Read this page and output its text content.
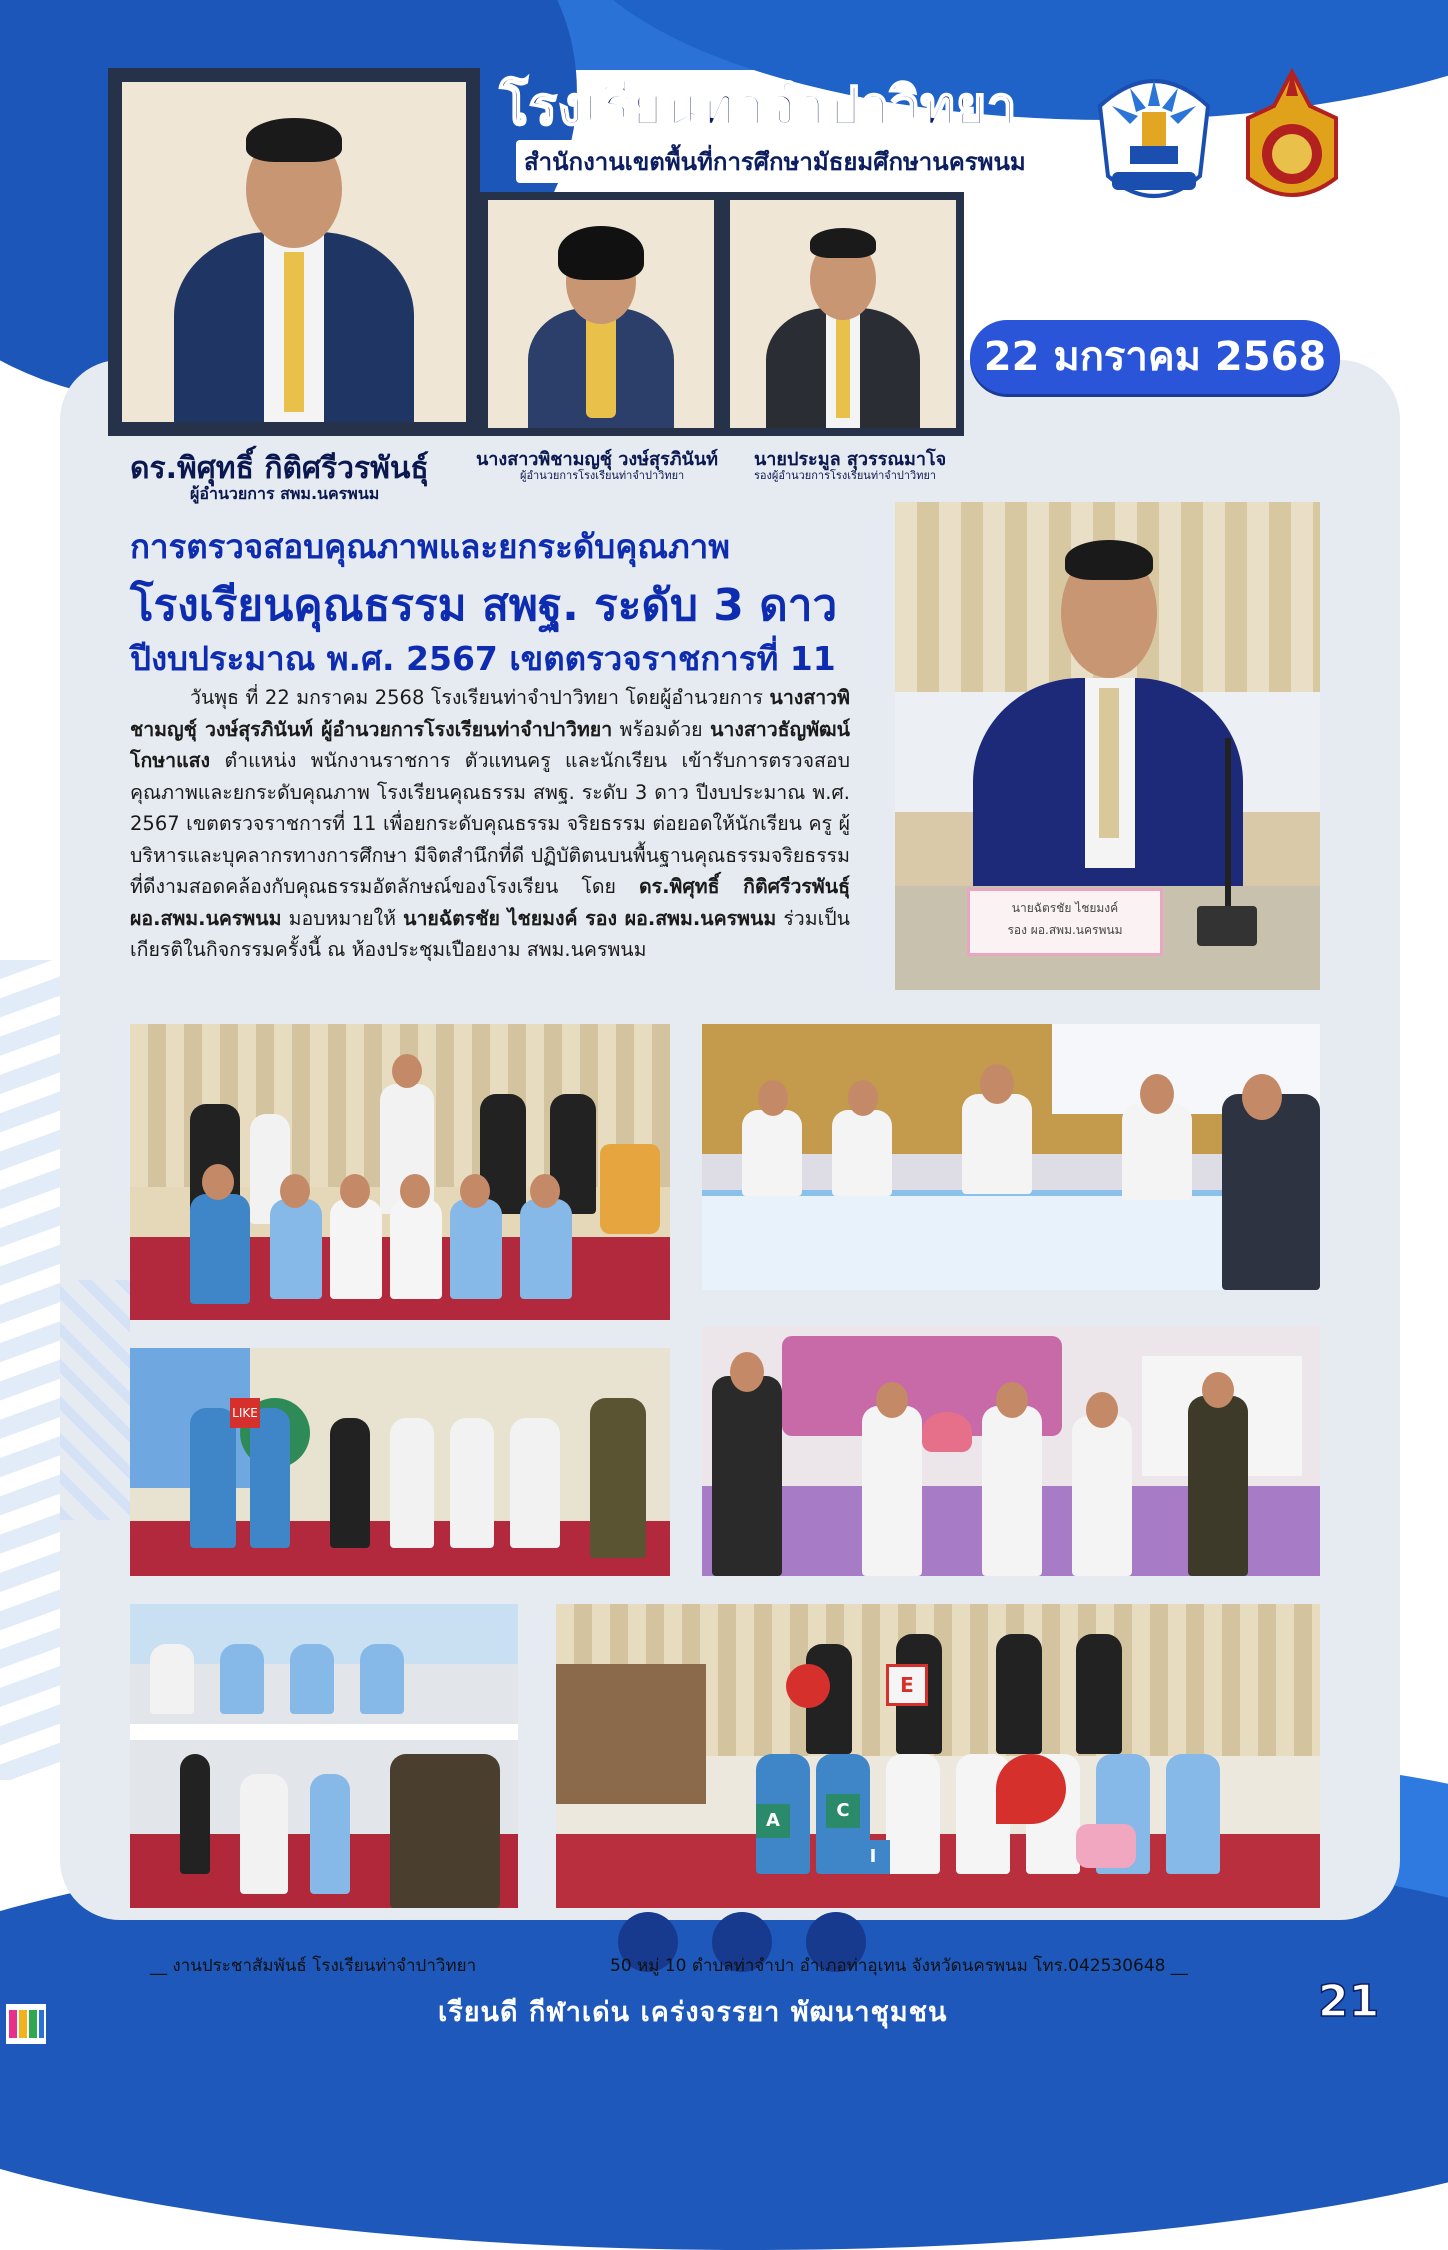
โรงเรียนท่าจำปาวิทยา
สำนักงานเขตพื้นที่การศึกษามัธยมศึกษานครพนม
ดร.พิศุทธิ์ กิติศรีวรพันธุ์
ผู้อำนวยการ สพม.นครพนม
นางสาวพิชามญชุ์ วงษ์สุรภินันท์
ผู้อำนวยการโรงเรียนท่าจำปาวิทยา
นายประมูล สุวรรณมาโจ
รองผู้อำนวยการโรงเรียนท่าจำปาวิทยา
22 มกราคม 2568
การตรวจสอบคุณภาพและยกระดับคุณภาพ
โรงเรียนคุณธรรม สพฐ. ระดับ 3 ดาว
ปีงบประมาณ พ.ศ. 2567 เขตตรวจราชการที่ 11
วันพุธ ที่ 22 มกราคม 2568 โรงเรียนท่าจำปาวิทยา โดยผู้อำนวยการ นางสาวพิชามญชุ์ วงษ์สุรภินันท์ ผู้อำนวยการโรงเรียนท่าจำปาวิทยา พร้อมด้วย นางสาวธัญพัฒน์ โกษาแสง ตำแหน่ง พนักงานราชการ ตัวแทนครู และนักเรียน เข้ารับการตรวจสอบคุณภาพและยกระดับคุณภาพ โรงเรียนคุณธรรม สพฐ. ระดับ 3 ดาว ปีงบประมาณ พ.ศ. 2567 เขตตรวจราชการที่ 11 เพื่อยกระดับคุณธรรม จริยธรรม ต่อยอดให้นักเรียน ครู ผู้บริหารและบุคลากรทางการศึกษา มีจิตสำนึกที่ดี ปฏิบัติตนบนพื้นฐานคุณธรรมจริยธรรมที่ดีงามสอดคล้องกับคุณธรรมอัตลักษณ์ของโรงเรียน โดย ดร.พิศุทธิ์ กิติศรีวรพันธุ์ ผอ.สพม.นครพนม มอบหมายให้ นายฉัตรชัย ไชยมงค์ รอง ผอ.สพม.นครพนม ร่วมเป็นเกียรติในกิจกรรมครั้งนี้ ณ ห้องประชุมเปือยงาม สพม.นครพนม
นายฉัตรชัย ไชยมงค์
รอง ผอ.สพม.นครพนม
LIKE
E
A	C
I
__ งานประชาสัมพันธ์ โรงเรียนท่าจำปาวิทยา	50 หมู่ 10 ตำบลท่าจำปา อำเภอท่าอุเทน จังหวัดนครพนม โทร.042530648 __
เรียนดี กีฬาเด่น เคร่งจรรยา พัฒนาชุมชน	21
